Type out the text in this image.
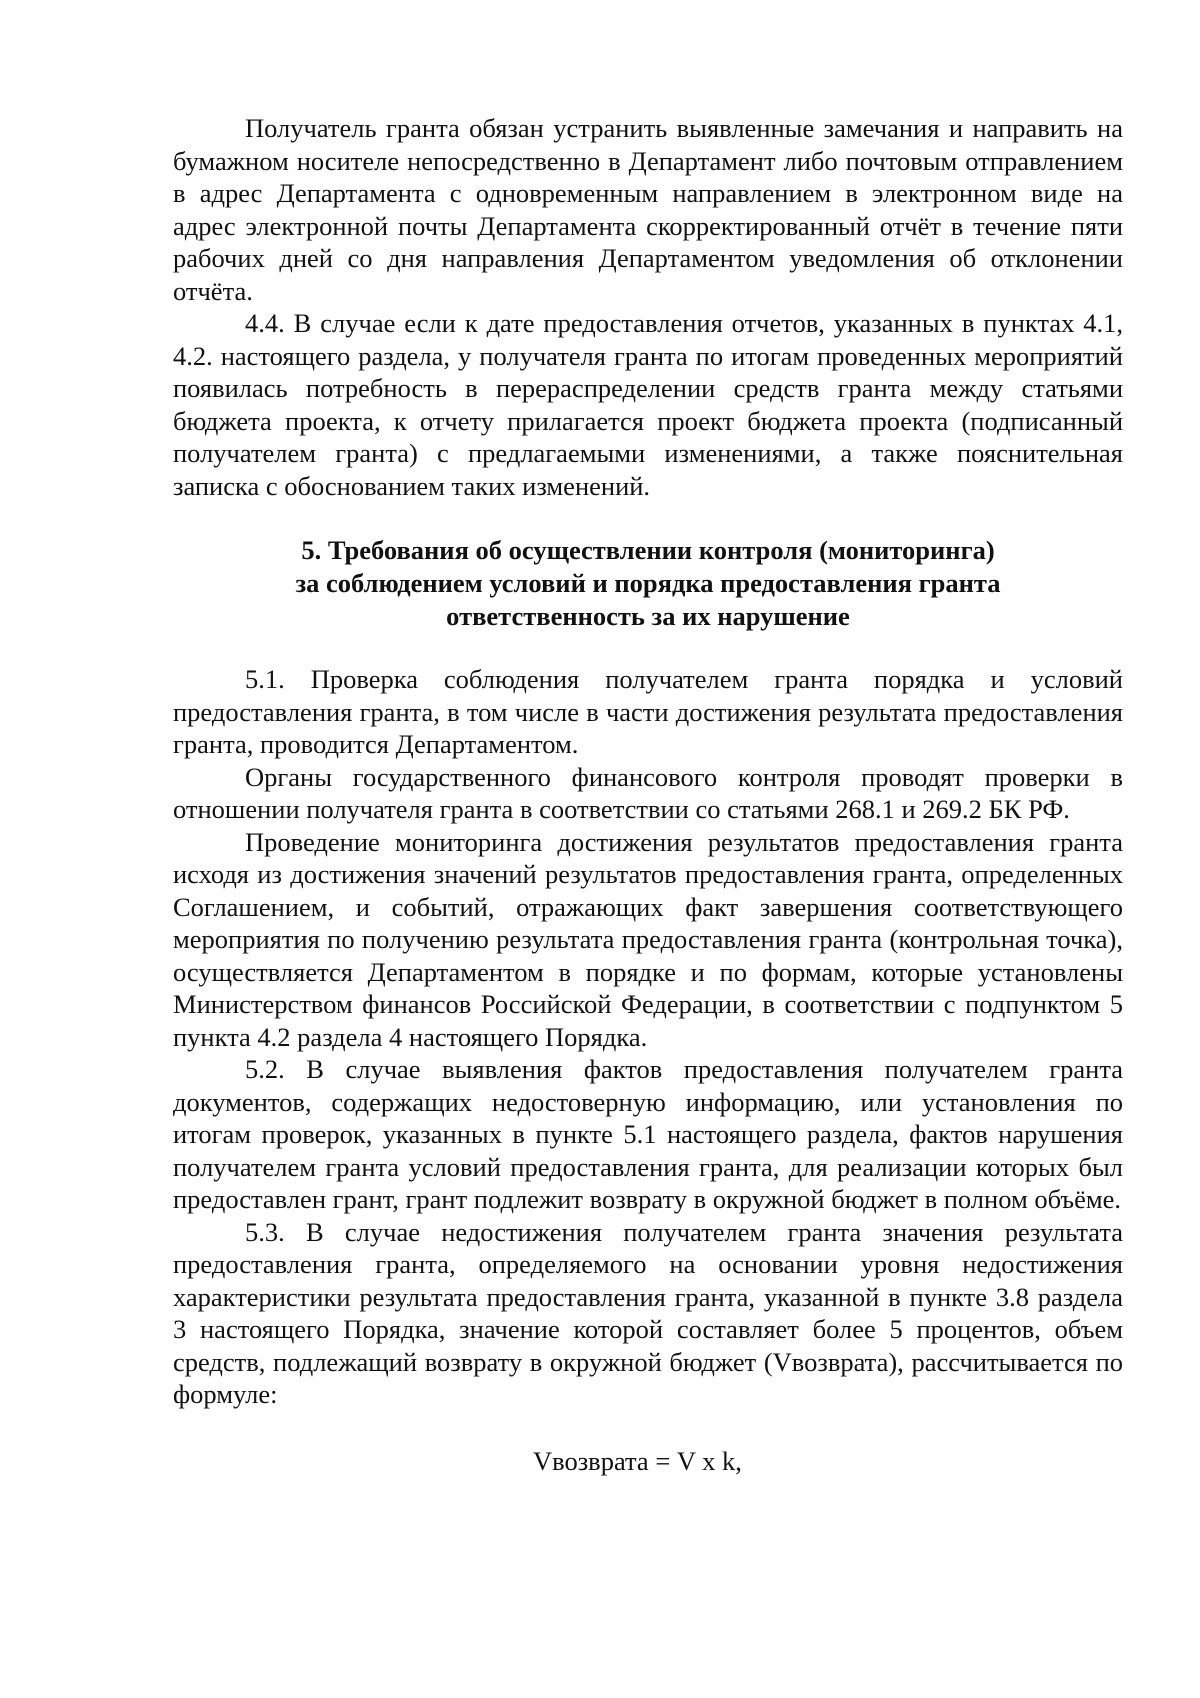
Получатель гранта обязан устранить выявленные замечания и направить на бумажном носителе непосредственно в Департамент либо почтовым отправлением в адрес Департамента с одновременным направлением в электронном виде на адрес электронной почты Департамента скорректированный отчёт в течение пяти рабочих дней со дня направления Департаментом уведомления об отклонении отчёта.

4.4. В случае если к дате предоставления отчетов, указанных в пунктах 4.1, 4.2. настоящего раздела, у получателя гранта по итогам проведенных мероприятий появилась потребность в перераспределении средств гранта между статьями бюджета проекта, к отчету прилагается проект бюджета проекта (подписанный получателем гранта) с предлагаемыми изменениями, а также пояснительная записка с обоснованием таких изменений.

5. Требования об осуществлении контроля (мониторинга)
за соблюдением условий и порядка предоставления гранта
ответственность за их нарушение

5.1. Проверка соблюдения получателем гранта порядка и условий предоставления гранта, в том числе в части достижения результата предоставления гранта, проводится Департаментом.

Органы государственного финансового контроля проводят проверки в отношении получателя гранта в соответствии со статьями 268.1 и 269.2 БК РФ.

Проведение мониторинга достижения результатов предоставления гранта исходя из достижения значений результатов предоставления гранта, определенных Соглашением, и событий, отражающих факт завершения соответствующего мероприятия по получению результата предоставления гранта (контрольная точка), осуществляется Департаментом в порядке и по формам, которые установлены Министерством финансов Российской Федерации, в соответствии с подпунктом 5 пункта 4.2 раздела 4 настоящего Порядка.

5.2. В случае выявления фактов предоставления получателем гранта документов, содержащих недостоверную информацию, или установления по итогам проверок, указанных в пункте 5.1 настоящего раздела, фактов нарушения получателем гранта условий предоставления гранта, для реализации которых был предоставлен грант, грант подлежит возврату в окружной бюджет в полном объёме.

5.3. В случае недостижения получателем гранта значения результата предоставления гранта, определяемого на основании уровня недостижения характеристики результата предоставления гранта, указанной в пункте 3.8 раздела 3 настоящего Порядка, значение которой составляет более 5 процентов, объем средств, подлежащий возврату в окружной бюджет (Vвозврата), рассчитывается по формуле:

Vвозврата = V x k,
